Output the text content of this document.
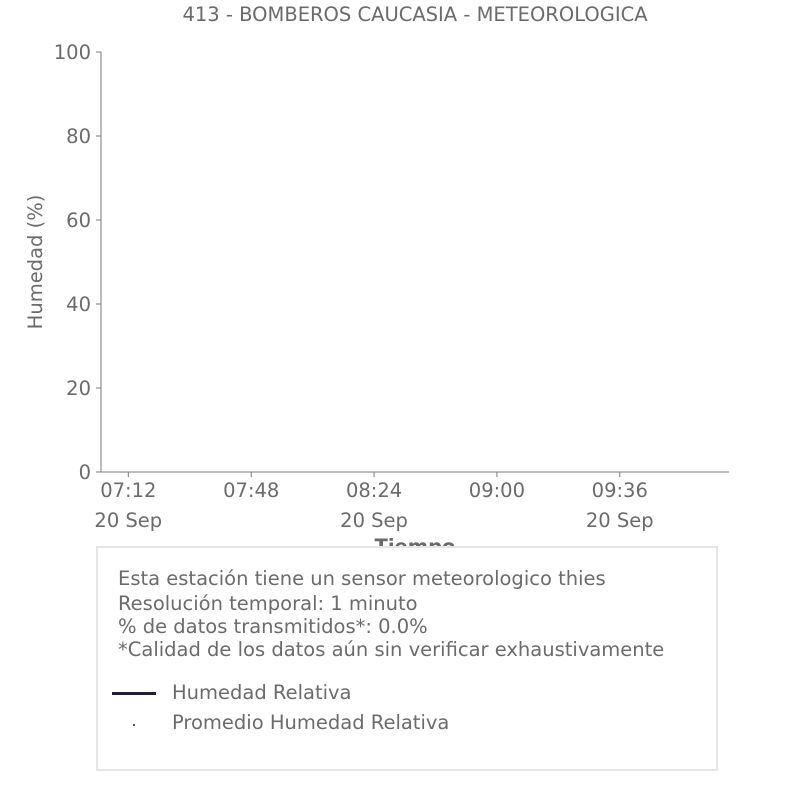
413 - BOMBEROS CAUCASIA - METEOROLOGICA
Humedad (%)
0
20
40
60
80
100
07:12
20 Sep
07:48	08:24
20 Sep
09:00	09:36
20 Sep
Esta estación tiene un sensor meteorologico thies
Resolución temporal: 1 minuto
% de datos transmitidos*: 0.0%
*Calidad de los datos aún sin verificar exhaustivamente
Humedad Relativa
Promedio Humedad Relativa
